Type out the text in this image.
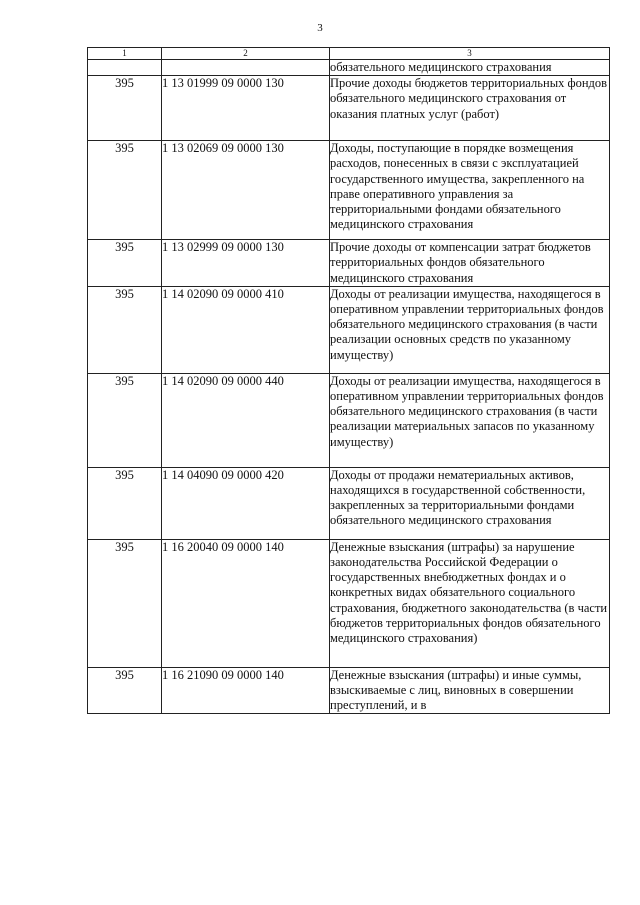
3
1	2	3
		обязательного медицинского страхования
395	1 13 01999 09 0000 130	Прочие доходы бюджетов территориальных фондов обязательного медицинского страхования от оказания платных услуг (работ)
395	1 13 02069 09 0000 130	Доходы, поступающие в порядке возмещения расходов, понесенных в связи с эксплуатацией государственного имущества, закрепленного на праве оперативного управления за территориальными фондами обязательного медицинского страхования
395	1 13 02999 09 0000 130	Прочие доходы от компенсации затрат бюджетов территориальных фондов обязательного медицинского страхования
395	1 14 02090 09 0000 410	Доходы от реализации имущества, находящегося в оперативном управлении территориальных фондов обязательного медицинского страхования (в части реализации основных средств по указанному имуществу)
395	1 14 02090 09 0000 440	Доходы от реализации имущества, находящегося в оперативном управлении территориальных фондов обязательного медицинского страхования (в части реализации материальных запасов по указанному имуществу)
395	1 14 04090 09 0000 420	Доходы от продажи нематериальных активов, находящихся в государственной собственности, закрепленных за территориальными фондами обязательного медицинского страхования
395	1 16 20040 09 0000 140	Денежные взыскания (штрафы) за нарушение законодательства Российской Федерации о государственных внебюджетных фондах и о конкретных видах обязательного социального страхования, бюджетного законодательства (в части бюджетов территориальных фондов обязательного медицинского страхования)
395	1 16 21090 09 0000 140	Денежные взыскания (штрафы) и иные суммы, взыскиваемые с лиц, виновных в совершении преступлений, и в
